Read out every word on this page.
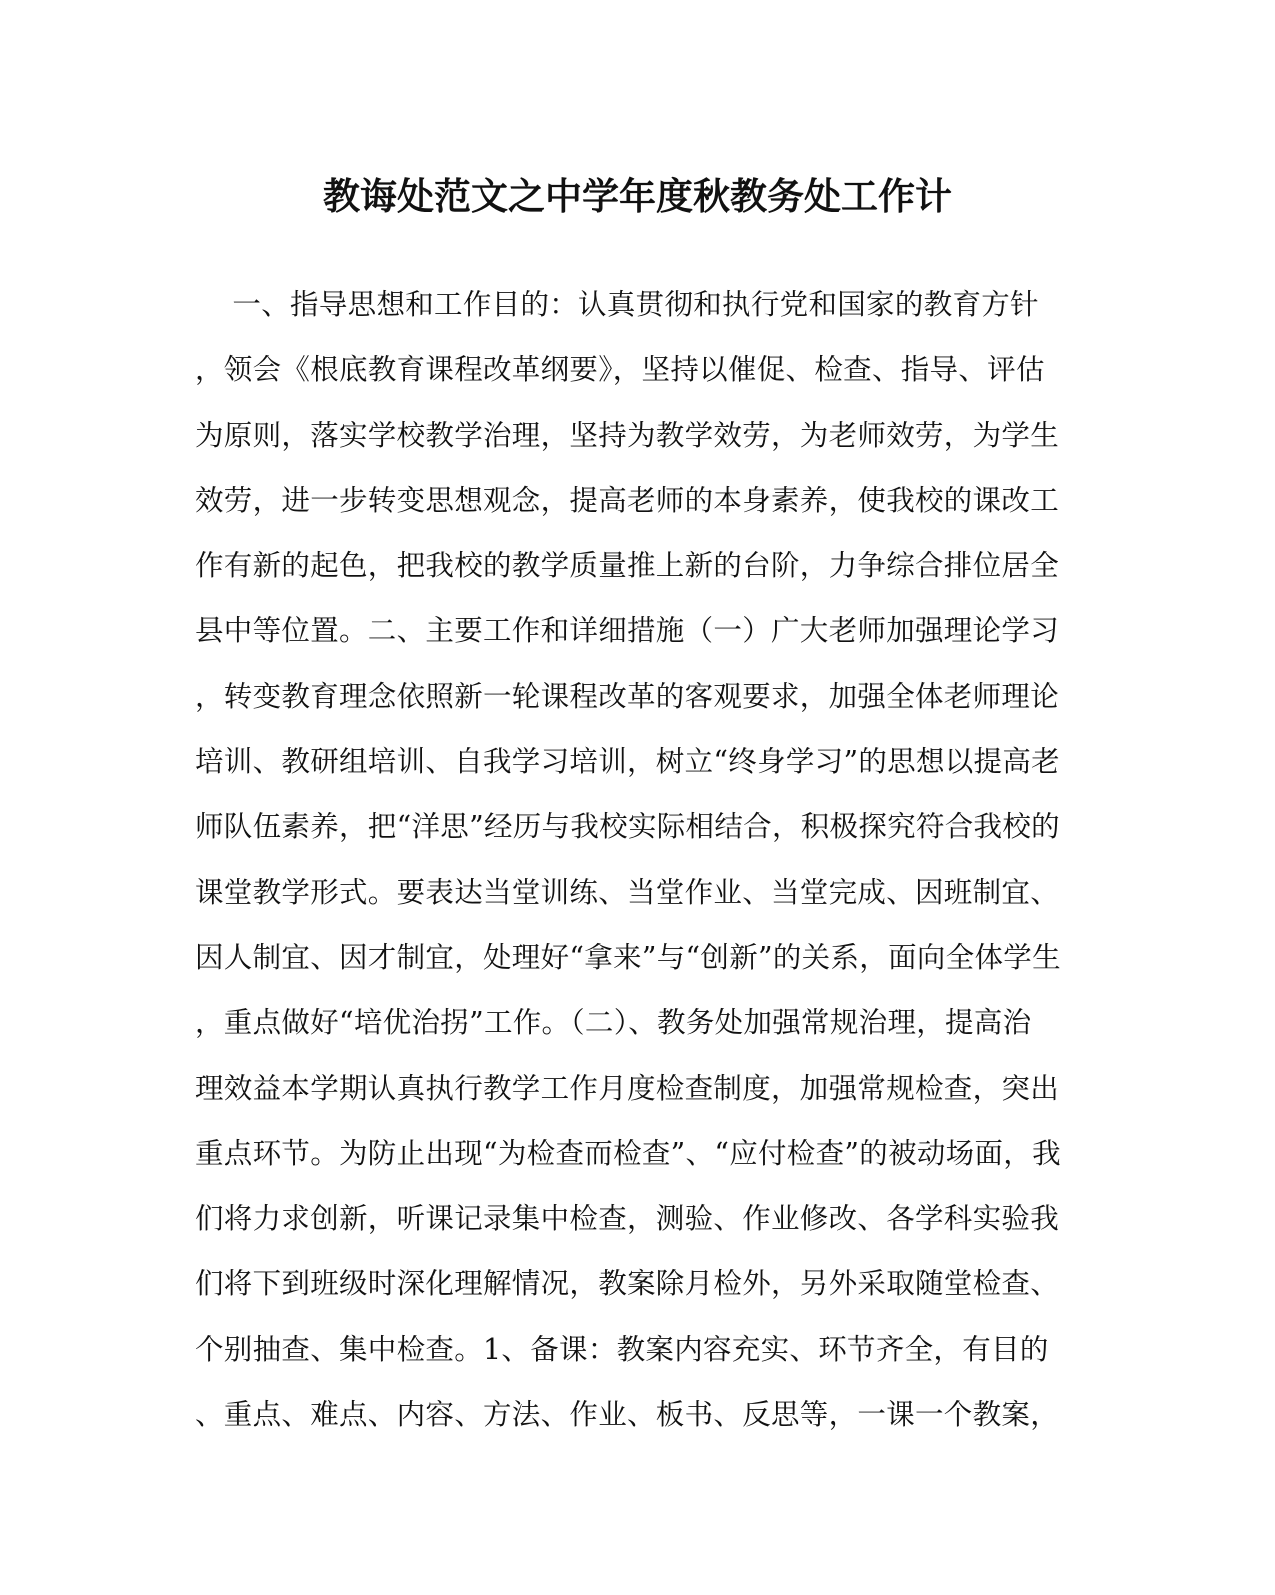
教诲处范文之中学年度秋教务处工作计
一、指导思想和工作目的：认真贯彻和执行党和国家的教育方针
，领会《根底教育课程改革纲要》，坚持以催促、检查、指导、评估
为原则，落实学校教学治理，坚持为教学效劳，为老师效劳，为学生
效劳，进一步转变思想观念，提高老师的本身素养，使我校的课改工
作有新的起色，把我校的教学质量推上新的台阶，力争综合排位居全
县中等位置。二、主要工作和详细措施（一）广大老师加强理论学习
，转变教育理念依照新一轮课程改革的客观要求，加强全体老师理论
培训、教研组培训、自我学习培训，树立“终身学习”的思想以提高老
师队伍素养，把“洋思”经历与我校实际相结合，积极探究符合我校的
课堂教学形式。要表达当堂训练、当堂作业、当堂完成、因班制宜、
因人制宜、因才制宜，处理好“拿来”与“创新”的关系，面向全体学生
，重点做好“培优治拐”工作。（二）、教务处加强常规治理，提高治
理效益本学期认真执行教学工作月度检查制度，加强常规检查，突出
重点环节。为防止出现“为检查而检查”、“应付检查”的被动场面，我
们将力求创新，听课记录集中检查，测验、作业修改、各学科实验我
们将下到班级时深化理解情况，教案除月检外，另外采取随堂检查、
个别抽查、集中检查。1、备课：教案内容充实、环节齐全，有目的
、重点、难点、内容、方法、作业、板书、反思等，一课一个教案，
